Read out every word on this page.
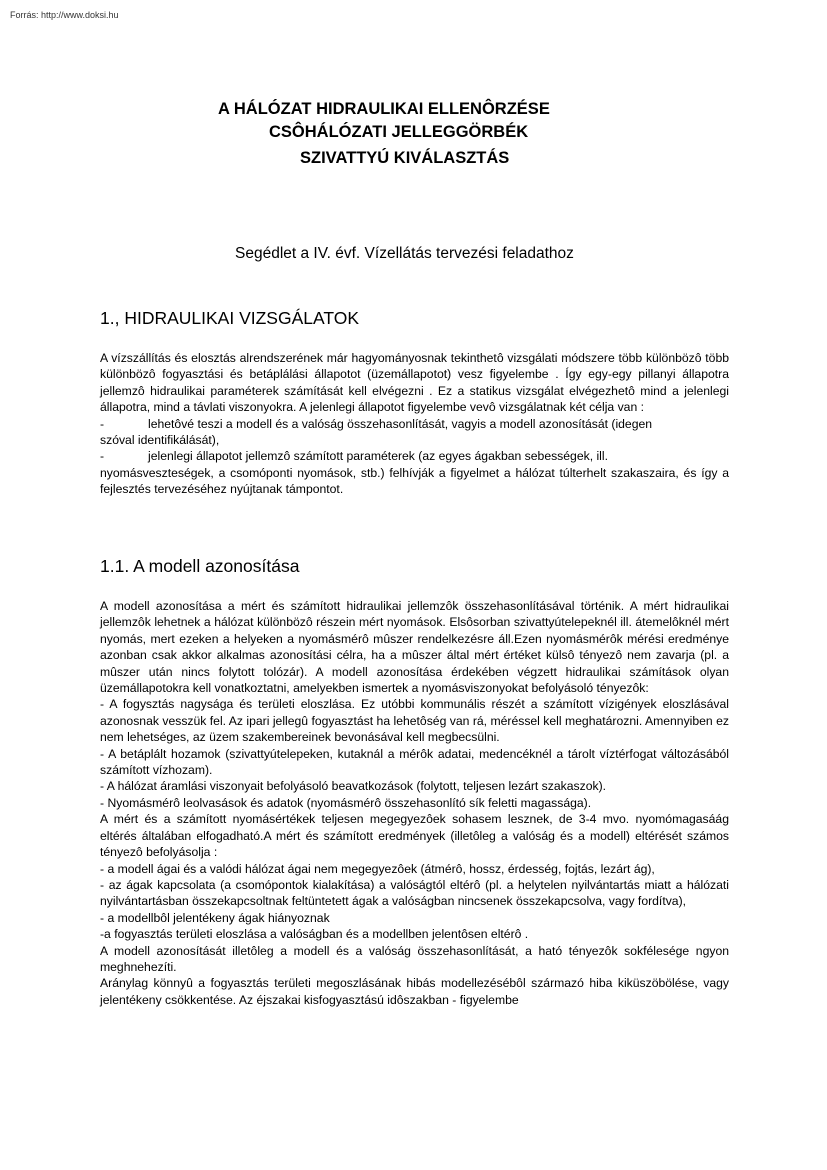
Forrás: http://www.doksi.hu
A HÁLÓZAT HIDRAULIKAI ELLENÔRZÉSE
CSÔHÁLÓZATI JELLEGGÖRBÉK
SZIVATTYÚ KIVÁLASZTÁS
Segédlet a IV. évf. Vízellátás tervezési feladathoz
1., HIDRAULIKAI VIZSGÁLATOK

A vízszállítás és elosztás alrendszerének már hagyományosnak tekinthetô vizsgálati módszere több különbözô több különbözô fogyasztási és betáplálási állapotot (üzemállapotot) vesz figyelembe . Így egy-egy pillanyi állapotra jellemzô hidraulikai paraméterek számítását kell elvégezni . Ez a statikus vizsgálat elvégezhetô mind a jelenlegi állapotra, mind a távlati viszonyokra. A jelenlegi állapotot figyelembe vevô vizsgálatnak két célja van :

-	lehetôvé teszi a modell és a valóság összehasonlítását, vagyis a modell azonosítását (idegen

szóval identifikálását),

-	jelenlegi állapotot jellemzô számított paraméterek (az egyes ágakban sebességek, ill.

nyomásveszteségek, a csomóponti nyomások, stb.) felhívják a figyelmet a hálózat túlterhelt szakaszaira, és így a fejlesztés tervezéséhez nyújtanak támpontot.

1.1. A modell azonosítása

A modell azonosítása a mért és számított hidraulikai jellemzôk összehasonlításával történik. A mért hidraulikai jellemzôk lehetnek a hálózat különbözô részein mért nyomások. Elsôsorban szivattyútelepeknél ill. átemelôknél mért nyomás, mert ezeken a helyeken a nyomásmérô mûszer rendelkezésre áll.Ezen nyomásmérôk mérési eredménye azonban csak akkor alkalmas azonosítási célra, ha a mûszer által mért értéket külsô tényezô nem zavarja (pl. a mûszer után nincs folytott tolózár). A modell azonosítása érdekében végzett hidraulikai számítások olyan üzemállapotokra kell vonatkoztatni, amelyekben ismertek a nyomásviszonyokat befolyásoló tényezôk:

- A fogysztás nagysága és területi eloszlása. Ez utóbbi kommunális részét a számított vízigények eloszlásával azonosnak vesszük fel. Az ipari jellegû fogyasztást ha lehetôség van rá, méréssel kell meghatározni. Amennyiben ez nem lehetséges, az üzem szakembereinek bevonásával kell megbecsülni.

- A betáplált hozamok (szivattyútelepeken, kutaknál a mérôk adatai, medencéknél a tárolt víztérfogat változásából számított vízhozam).

- A hálózat áramlási viszonyait befolyásoló beavatkozások (folytott, teljesen lezárt szakaszok).

- Nyomásmérô leolvasások és adatok (nyomásmérô összehasonlító sík feletti magassága).

A mért és a számított nyomásértékek teljesen megegyezôek sohasem lesznek, de 3-4 mvo. nyomómagasáág eltérés általában elfogadható.A mért és számított eredmények (illetôleg a valóság és a modell) eltérését számos tényezô befolyásolja :

- a modell ágai és a valódi hálózat ágai nem megegyezôek (átmérô, hossz, érdesség, fojtás, lezárt ág),

- az ágak kapcsolata (a csomópontok kialakítása) a valóságtól eltérô (pl. a helytelen nyilvántartás miatt a hálózati nyilvántartásban összekapcsoltnak feltüntetett ágak a valóságban nincsenek összekapcsolva, vagy fordítva),

- a modellbôl jelentékeny ágak hiányoznak

-a fogyasztás területi eloszlása a valóságban és a modellben jelentôsen eltérô .

A modell azonosítását illetôleg a modell és a valóság összehasonlítását, a ható tényezôk sokfélesége ngyon meghnehezíti.

Aránylag könnyû a fogyasztás területi megoszlásának hibás modellezésébôl származó hiba kiküszöbölése, vagy jelentékeny csökkentése. Az éjszakai kisfogyasztású idôszakban - figyelembe
